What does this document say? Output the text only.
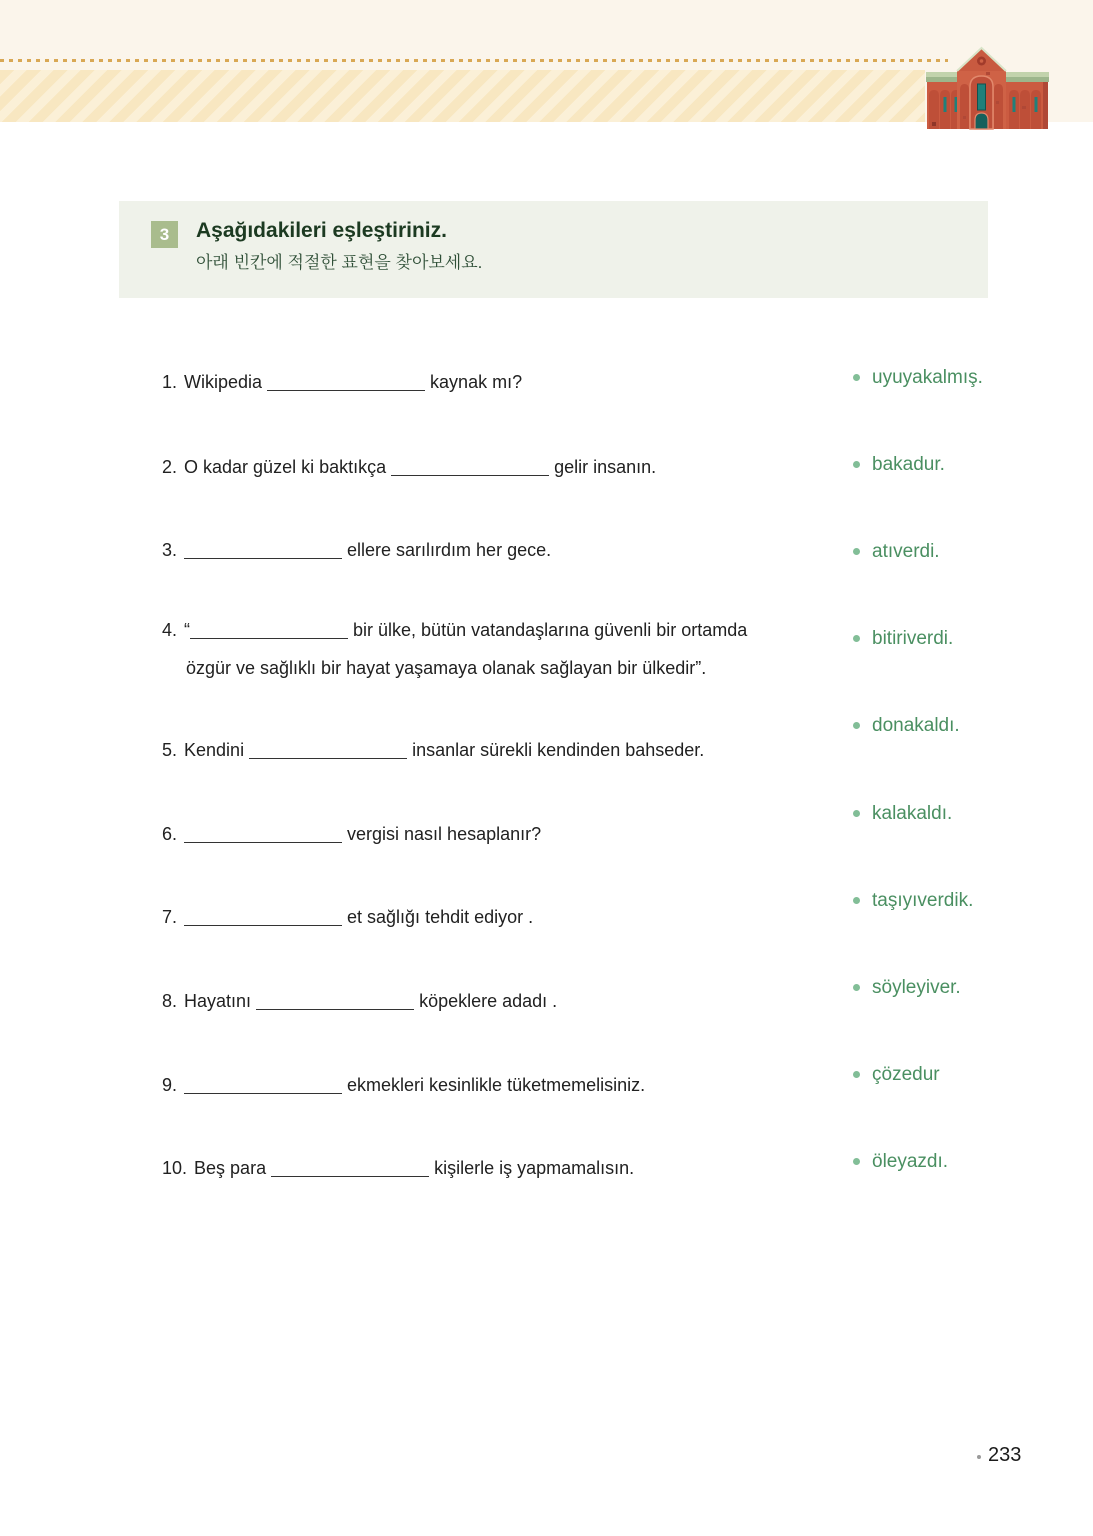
3	Aşağıdakileri eşleştiriniz.
아래 빈칸에 적절한 표현을 찾아보세요.
1. Wikipedia	kaynak mı?
2. O kadar güzel ki baktıkça	gelir insanın.
3.	ellere sarılırdım her gece.
4. “	bir ülke, bütün vatandaşlarına güvenli bir ortamda
özgür ve sağlıklı bir hayat yaşamaya olanak sağlayan bir ülkedir”.
5. Kendini	insanlar sürekli kendinden bahseder.
6.	vergisi nasıl hesaplanır?
7.	et sağlığı tehdit ediyor .
8. Hayatını	köpeklere adadı .
9.	ekmekleri kesinlikle tüketmemelisiniz.
10. Beş para	kişilerle iş yapmamalısın.
uyuyakalmış.
bakadur.
atıverdi.
bitiriverdi.
donakaldı.
kalakaldı.
taşıyıverdik.
söyleyiver.
çözedur
öleyazdı.
233
